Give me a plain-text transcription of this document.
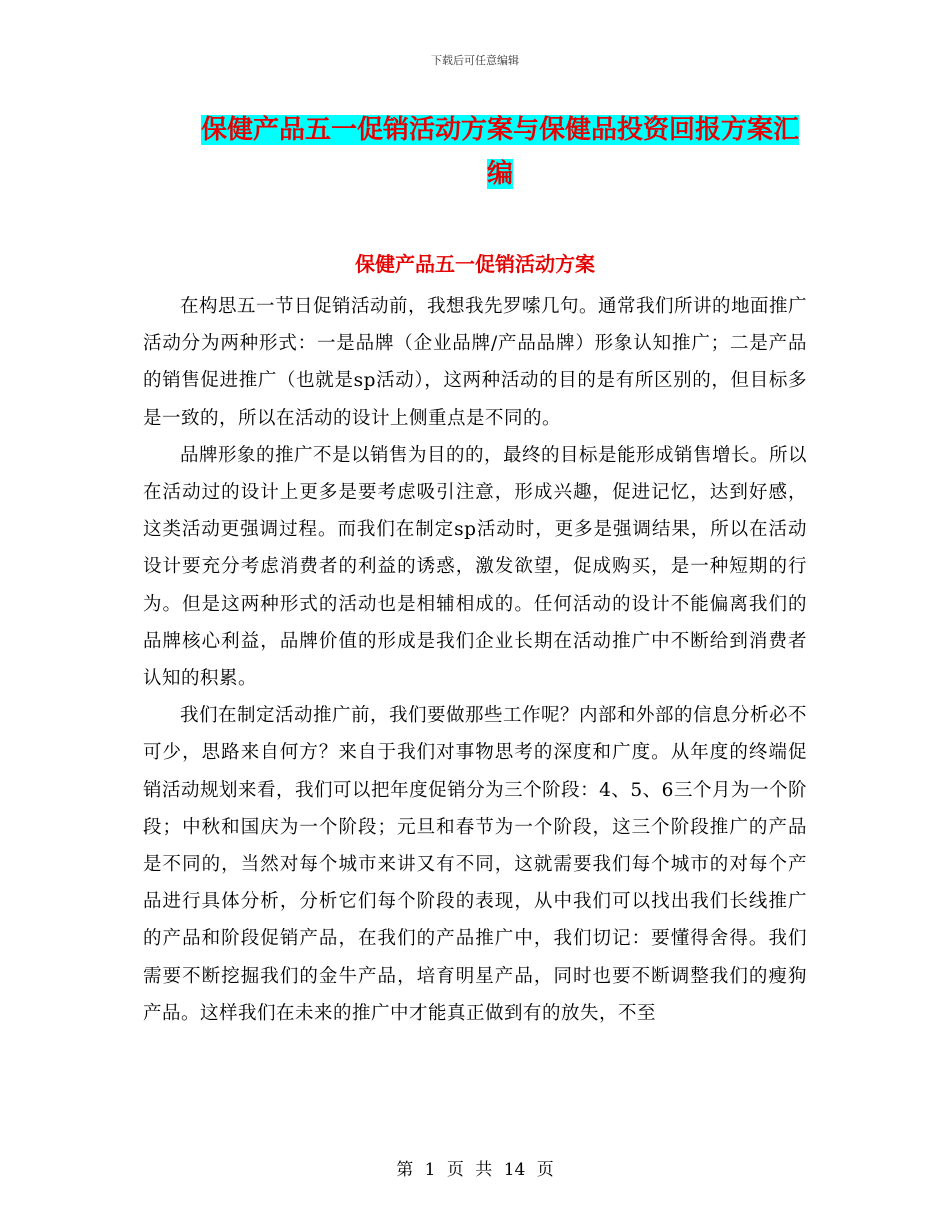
下载后可任意编辑
保健产品五一促销活动方案与保健品投资回报方案汇
编
保健产品五一促销活动方案

在构思五一节日促销活动前，我想我先罗嗦几句。通常我们所讲的地面推广活动分为两种形式：一是品牌（企业品牌/产品品牌）形象认知推广；二是产品的销售促进推广（也就是sp活动），这两种活动的目的是有所区别的，但目标多是一致的，所以在活动的设计上侧重点是不同的。

品牌形象的推广不是以销售为目的的，最终的目标是能形成销售增长。所以在活动过的设计上更多是要考虑吸引注意，形成兴趣，促进记忆，达到好感，这类活动更强调过程。而我们在制定sp活动时，更多是强调结果，所以在活动设计要充分考虑消费者的利益的诱惑，激发欲望，促成购买，是一种短期的行为。但是这两种形式的活动也是相辅相成的。任何活动的设计不能偏离我们的品牌核心利益，品牌价值的形成是我们企业长期在活动推广中不断给到消费者认知的积累。

我们在制定活动推广前，我们要做那些工作呢？内部和外部的信息分析必不可少，思路来自何方？来自于我们对事物思考的深度和广度。从年度的终端促销活动规划来看，我们可以把年度促销分为三个阶段：4、5、6三个月为一个阶段；中秋和国庆为一个阶段；元旦和春节为一个阶段，这三个阶段推广的产品是不同的，当然对每个城市来讲又有不同，这就需要我们每个城市的对每个产品进行具体分析，分析它们每个阶段的表现，从中我们可以找出我们长线推广的产品和阶段促销产品，在我们的产品推广中，我们切记：要懂得舍得。我们需要不断挖掘我们的金牛产品，培育明星产品，同时也要不断调整我们的瘦狗产品。这样我们在未来的推广中才能真正做到有的放失，不至

第 1 页 共 14 页
